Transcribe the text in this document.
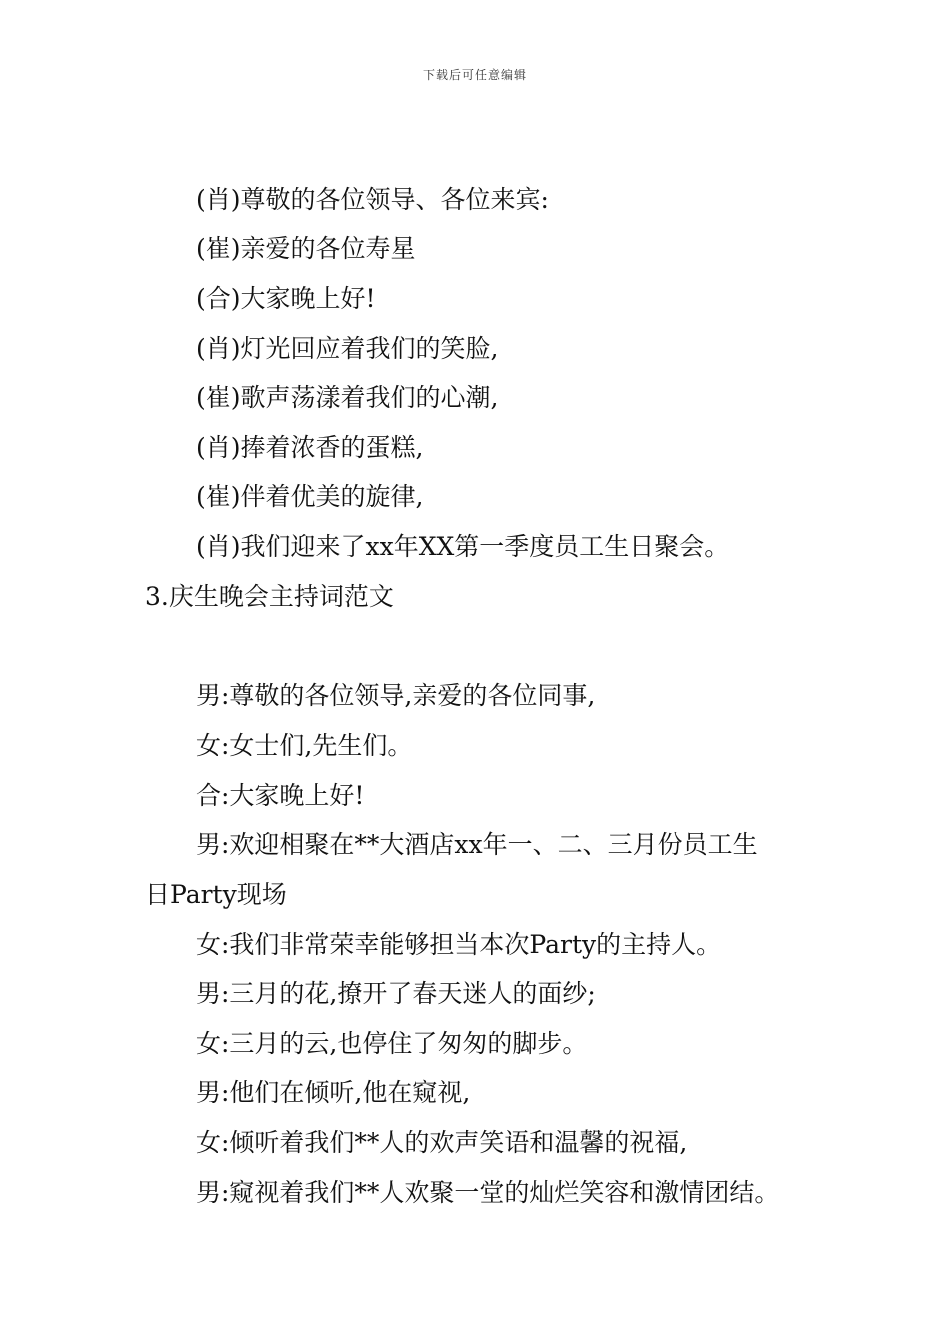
下载后可任意编辑
(肖)尊敬的各位领导、各位来宾:
(崔)亲爱的各位寿星
(合)大家晚上好!
(肖)灯光回应着我们的笑脸,
(崔)歌声荡漾着我们的心潮,
(肖)捧着浓香的蛋糕,
(崔)伴着优美的旋律,
(肖)我们迎来了xx年XX第一季度员工生日聚会。
3.庆生晚会主持词范文
男:尊敬的各位领导,亲爱的各位同事,
女:女士们,先生们。
合:大家晚上好!
男:欢迎相聚在**大酒店xx年一、二、三月份员工生
日Party现场
女:我们非常荣幸能够担当本次Party的主持人。
男:三月的花,撩开了春天迷人的面纱;
女:三月的云,也停住了匆匆的脚步。
男:他们在倾听,他在窥视,
女:倾听着我们**人的欢声笑语和温馨的祝福,
男:窥视着我们**人欢聚一堂的灿烂笑容和激情团结。
